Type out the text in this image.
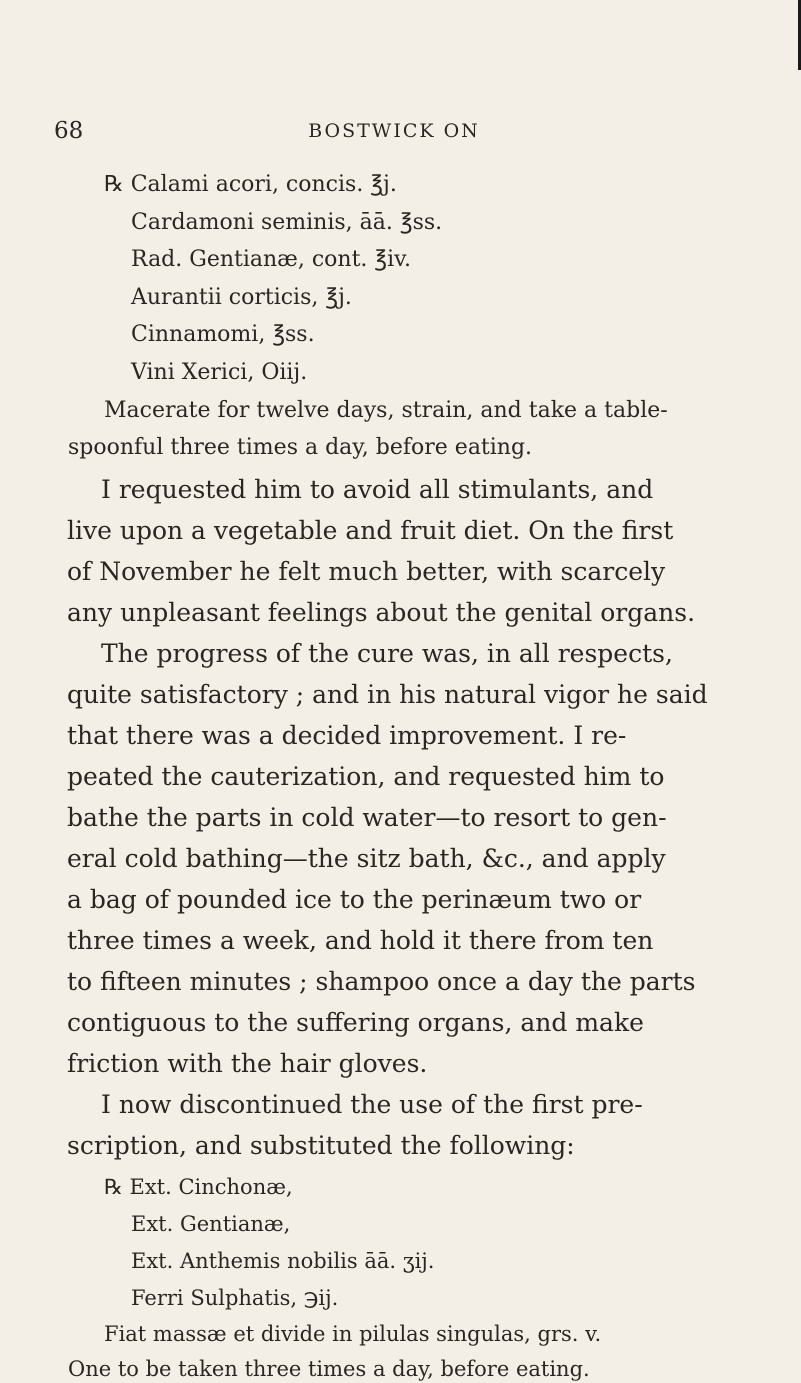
68	BOSTWICK ON
℞ Calami acori, concis. ℥j.
Cardamoni seminis, āā. ℥ss.
Rad. Gentianæ, cont. ℥iv.
Aurantii corticis, ℥j.
Cinnamomi, ℥ss.
Vini Xerici, Oiij.
Macerate for twelve days, strain, and take a table-
spoonful three times a day, before eating.
I requested him to avoid all stimulants, and
live upon a vegetable and fruit diet. On the first
of November he felt much better, with scarcely
any unpleasant feelings about the genital organs.
The progress of the cure was, in all respects,
quite satisfactory ; and in his natural vigor he said
that there was a decided improvement. I re-
peated the cauterization, and requested him to
bathe the parts in cold water—to resort to gen-
eral cold bathing—the sitz bath, &c., and apply
a bag of pounded ice to the perinæum two or
three times a week, and hold it there from ten
to fifteen minutes ; shampoo once a day the parts
contiguous to the suffering organs, and make
friction with the hair gloves.
I now discontinued the use of the first pre-
scription, and substituted the following:
℞ Ext. Cinchonæ,
Ext. Gentianæ,
Ext. Anthemis nobilis āā. ʒij.
Ferri Sulphatis, ℈ij.
Fiat massæ et divide in pilulas singulas, grs. v.
One to be taken three times a day, before eating.
